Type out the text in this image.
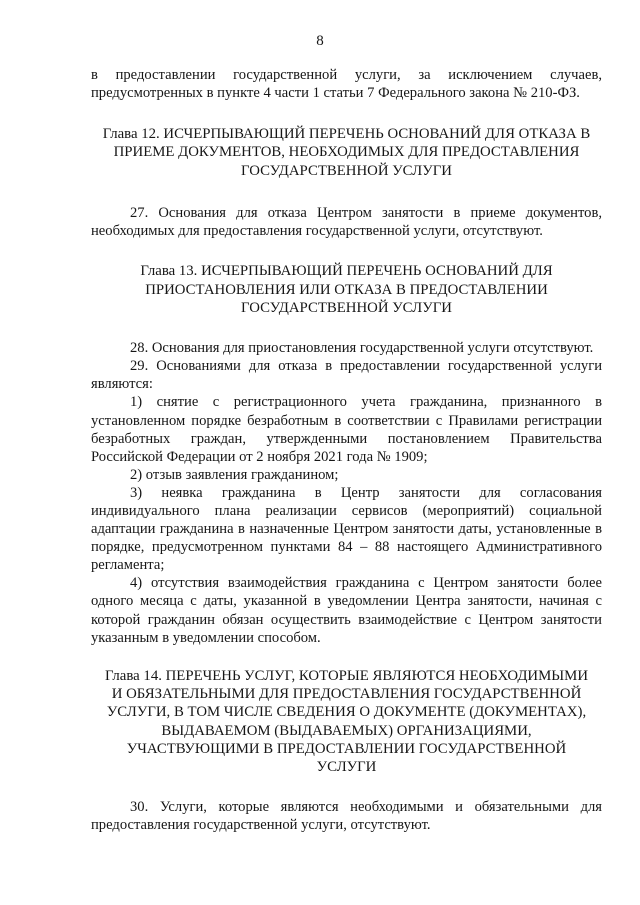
8

в предоставлении государственной услуги, за исключением случаев, предусмотренных в пункте 4 части 1 статьи 7 Федерального закона № 210-ФЗ.

Глава 12. ИСЧЕРПЫВАЮЩИЙ ПЕРЕЧЕНЬ ОСНОВАНИЙ ДЛЯ ОТКАЗА В
ПРИЕМЕ ДОКУМЕНТОВ, НЕОБХОДИМЫХ ДЛЯ ПРЕДОСТАВЛЕНИЯ
ГОСУДАРСТВЕННОЙ УСЛУГИ

27. Основания для отказа Центром занятости в приеме документов, необходимых для предоставления государственной услуги, отсутствуют.

Глава 13. ИСЧЕРПЫВАЮЩИЙ ПЕРЕЧЕНЬ ОСНОВАНИЙ ДЛЯ
ПРИОСТАНОВЛЕНИЯ ИЛИ ОТКАЗА В ПРЕДОСТАВЛЕНИИ
ГОСУДАРСТВЕННОЙ УСЛУГИ

28. Основания для приостановления государственной услуги отсутствуют.

29. Основаниями для отказа в предоставлении государственной услуги являются:

1) снятие с регистрационного учета гражданина, признанного в установленном порядке безработным в соответствии с Правилами регистрации безработных граждан, утвержденными постановлением Правительства Российской Федерации от 2 ноября 2021 года № 1909;

2) отзыв заявления гражданином;

3) неявка гражданина в Центр занятости для согласования индивидуального плана реализации сервисов (мероприятий) социальной адаптации гражданина в назначенные Центром занятости даты, установленные в порядке, предусмотренном пунктами 84 – 88 настоящего Административного регламента;

4) отсутствия взаимодействия гражданина с Центром занятости более одного месяца с даты, указанной в уведомлении Центра занятости, начиная с которой гражданин обязан осуществить взаимодействие с Центром занятости указанным в уведомлении способом.

Глава 14. ПЕРЕЧЕНЬ УСЛУГ, КОТОРЫЕ ЯВЛЯЮТСЯ НЕОБХОДИМЫМИ
И ОБЯЗАТЕЛЬНЫМИ ДЛЯ ПРЕДОСТАВЛЕНИЯ ГОСУДАРСТВЕННОЙ
УСЛУГИ, В ТОМ ЧИСЛЕ СВЕДЕНИЯ О ДОКУМЕНТЕ (ДОКУМЕНТАХ),
ВЫДАВАЕМОМ (ВЫДАВАЕМЫХ) ОРГАНИЗАЦИЯМИ,
УЧАСТВУЮЩИМИ В ПРЕДОСТАВЛЕНИИ ГОСУДАРСТВЕННОЙ
УСЛУГИ

30. Услуги, которые являются необходимыми и обязательными для предоставления государственной услуги, отсутствуют.
